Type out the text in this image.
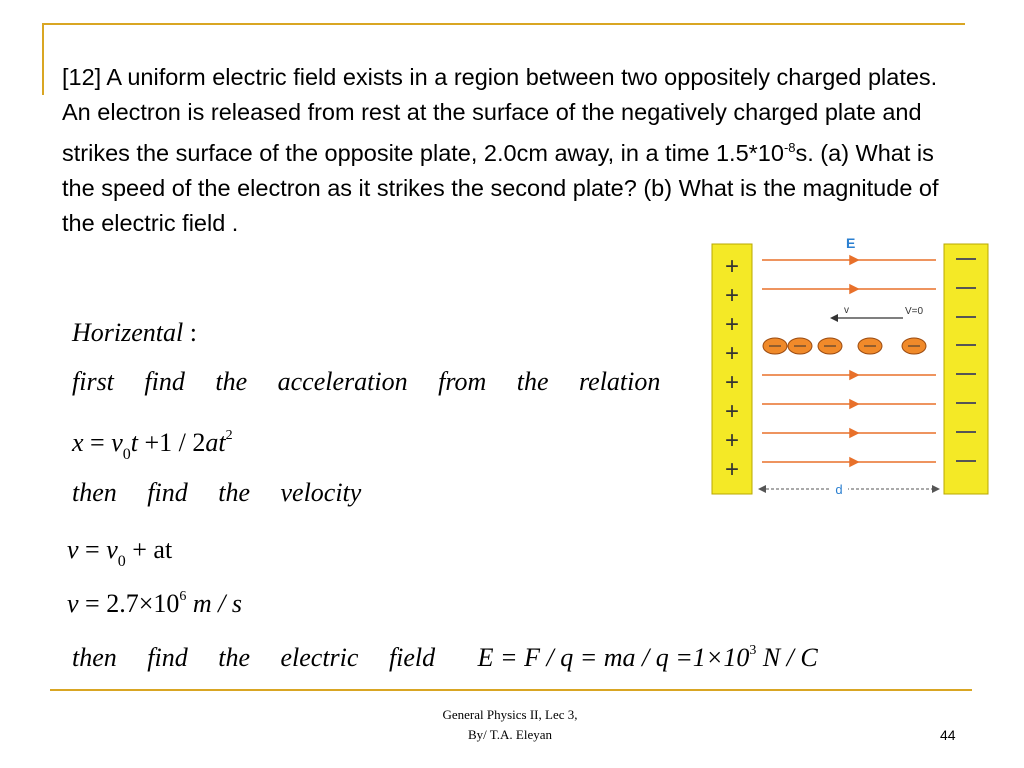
[12] A uniform electric field exists in a region between two oppositely charged plates. An electron is released from rest at the surface of the negatively charged plate and strikes the surface of the opposite plate, 2.0cm away, in a time $1.5*10^{-8}s$. (a) What is the speed of the electron as it strikes the second plate? (b) What is the magnitude of the electric field .

Horizental :
first find the acceleration from the relation
$x = v_0t +1 / 2at^2$
then find the velocity
$v = v_0$ + at
$v = 2.7\times 10^6$ m / s
then find the electric field E = F / q = ma / $q =1\times 10^3$ N / C
+
+
+
+
+
+
+
+
E
v	V=0
d
General Physics II, Lec 3,
By/ T.A. Eleyan	44
